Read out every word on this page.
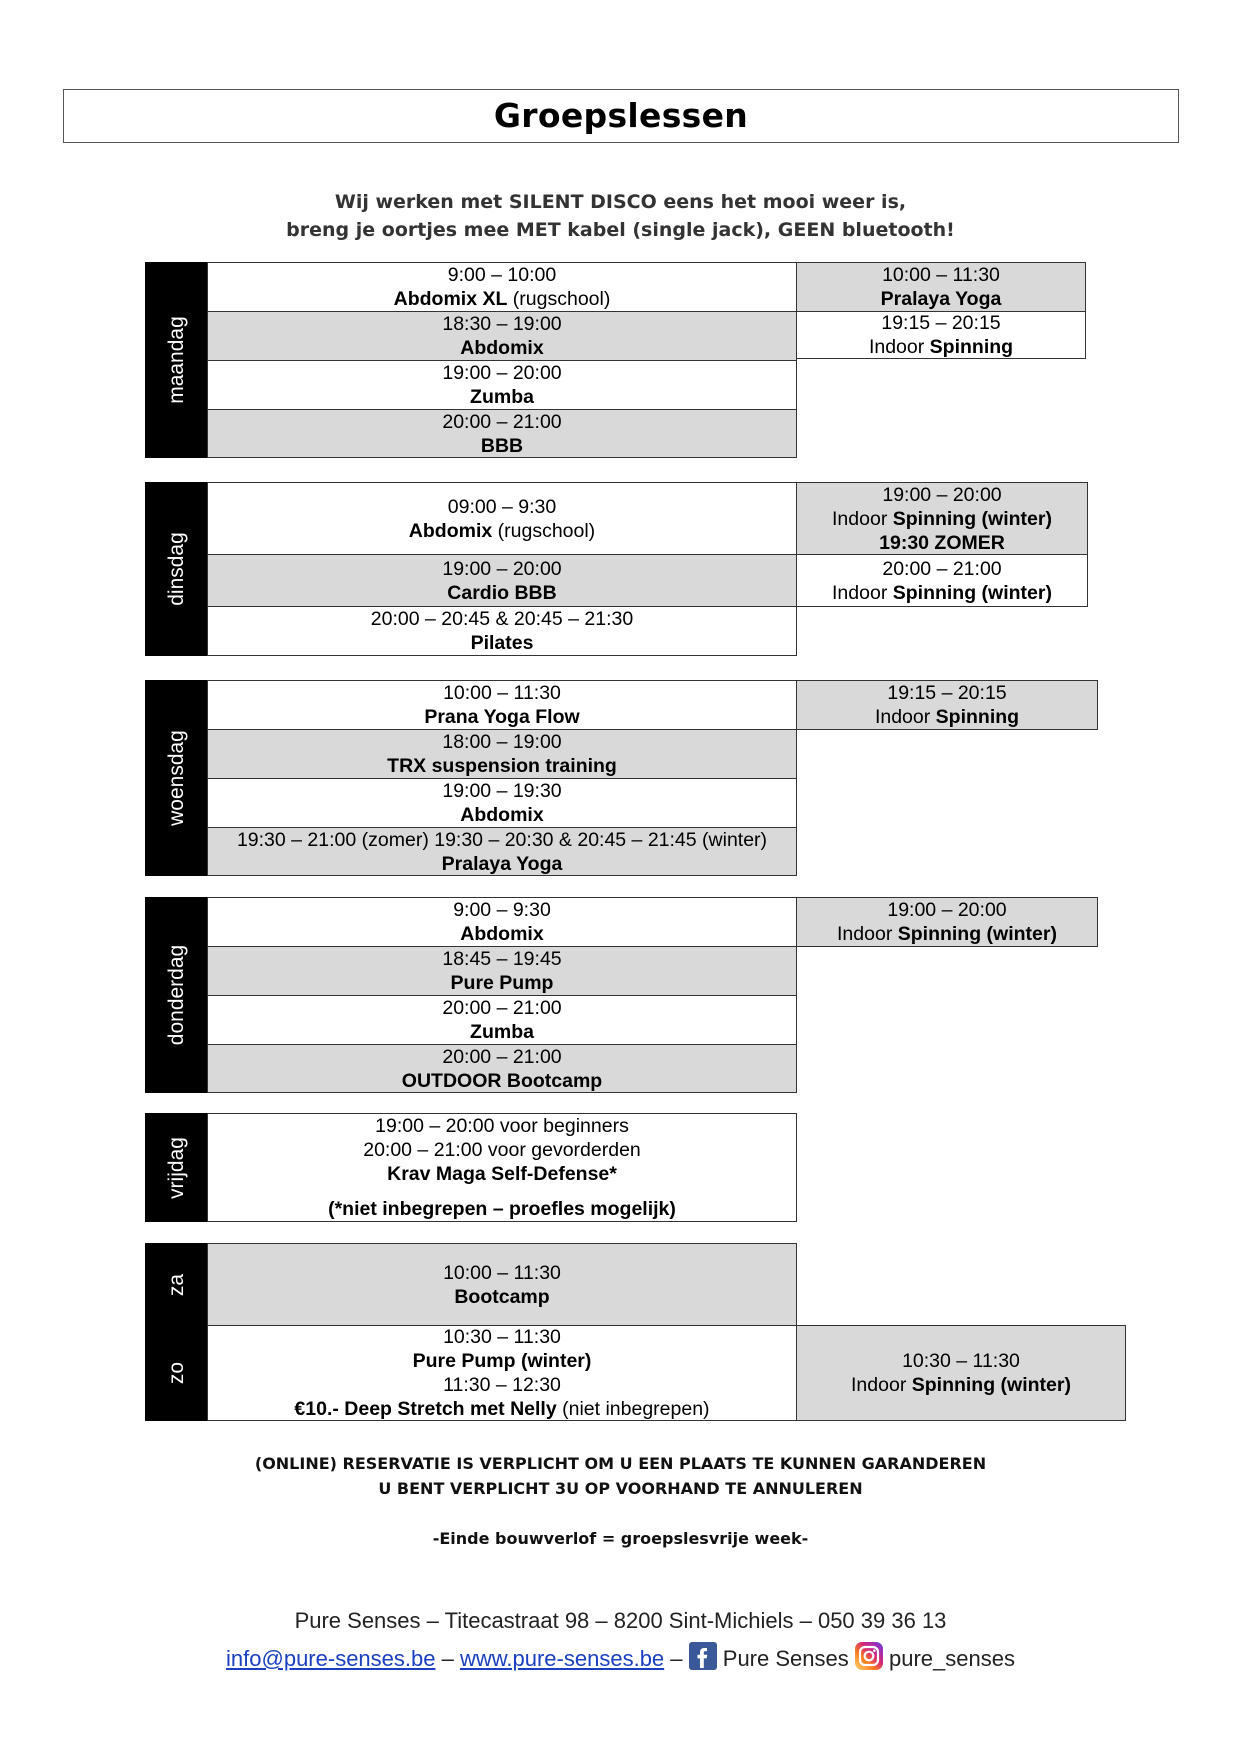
Groepslessen
Wij werken met SILENT DISCO eens het mooi weer is,
breng je oortjes mee MET kabel (single jack), GEEN bluetooth!
maandag
9:00 – 10:00
Abdomix XL (rugschool)
18:30 – 19:00
Abdomix
19:00 – 20:00
Zumba
20:00 – 21:00
BBB
10:00 – 11:30
Pralaya Yoga
19:15 – 20:15
Indoor Spinning
dinsdag
09:00 – 9:30
Abdomix (rugschool)
19:00 – 20:00
Cardio BBB
20:00 – 20:45 & 20:45 – 21:30
Pilates
19:00 – 20:00
Indoor Spinning (winter)
19:30 ZOMER
20:00 – 21:00
Indoor Spinning (winter)
woensdag
10:00 – 11:30
Prana Yoga Flow
18:00 – 19:00
TRX suspension training
19:00 – 19:30
Abdomix
19:30 – 21:00 (zomer) 19:30 – 20:30 & 20:45 – 21:45 (winter)
Pralaya Yoga
19:15 – 20:15
Indoor Spinning
donderdag
9:00 – 9:30
Abdomix
18:45 – 19:45
Pure Pump
20:00 – 21:00
Zumba
20:00 – 21:00
OUTDOOR Bootcamp
19:00 – 20:00
Indoor Spinning (winter)
vrijdag
19:00 – 20:00 voor beginners
20:00 – 21:00 voor gevorderden
Krav Maga Self-Defense*
(*niet inbegrepen – proefles mogelijk)
za
10:00 – 11:30
Bootcamp
zo
10:30 – 11:30
Pure Pump (winter)
11:30 – 12:30
€10.- Deep Stretch met Nelly (niet inbegrepen)
10:30 – 11:30
Indoor Spinning (winter)
(ONLINE) RESERVATIE IS VERPLICHT OM U EEN PLAATS TE KUNNEN GARANDEREN
U BENT VERPLICHT 3U OP VOORHAND TE ANNULEREN
-Einde bouwverlof = groepslesvrije week-
Pure Senses – Titecastraat 98 – 8200 Sint-Michiels – 050 39 36 13
info@pure-senses.be – www.pure-senses.be –  Pure Senses pure_senses
